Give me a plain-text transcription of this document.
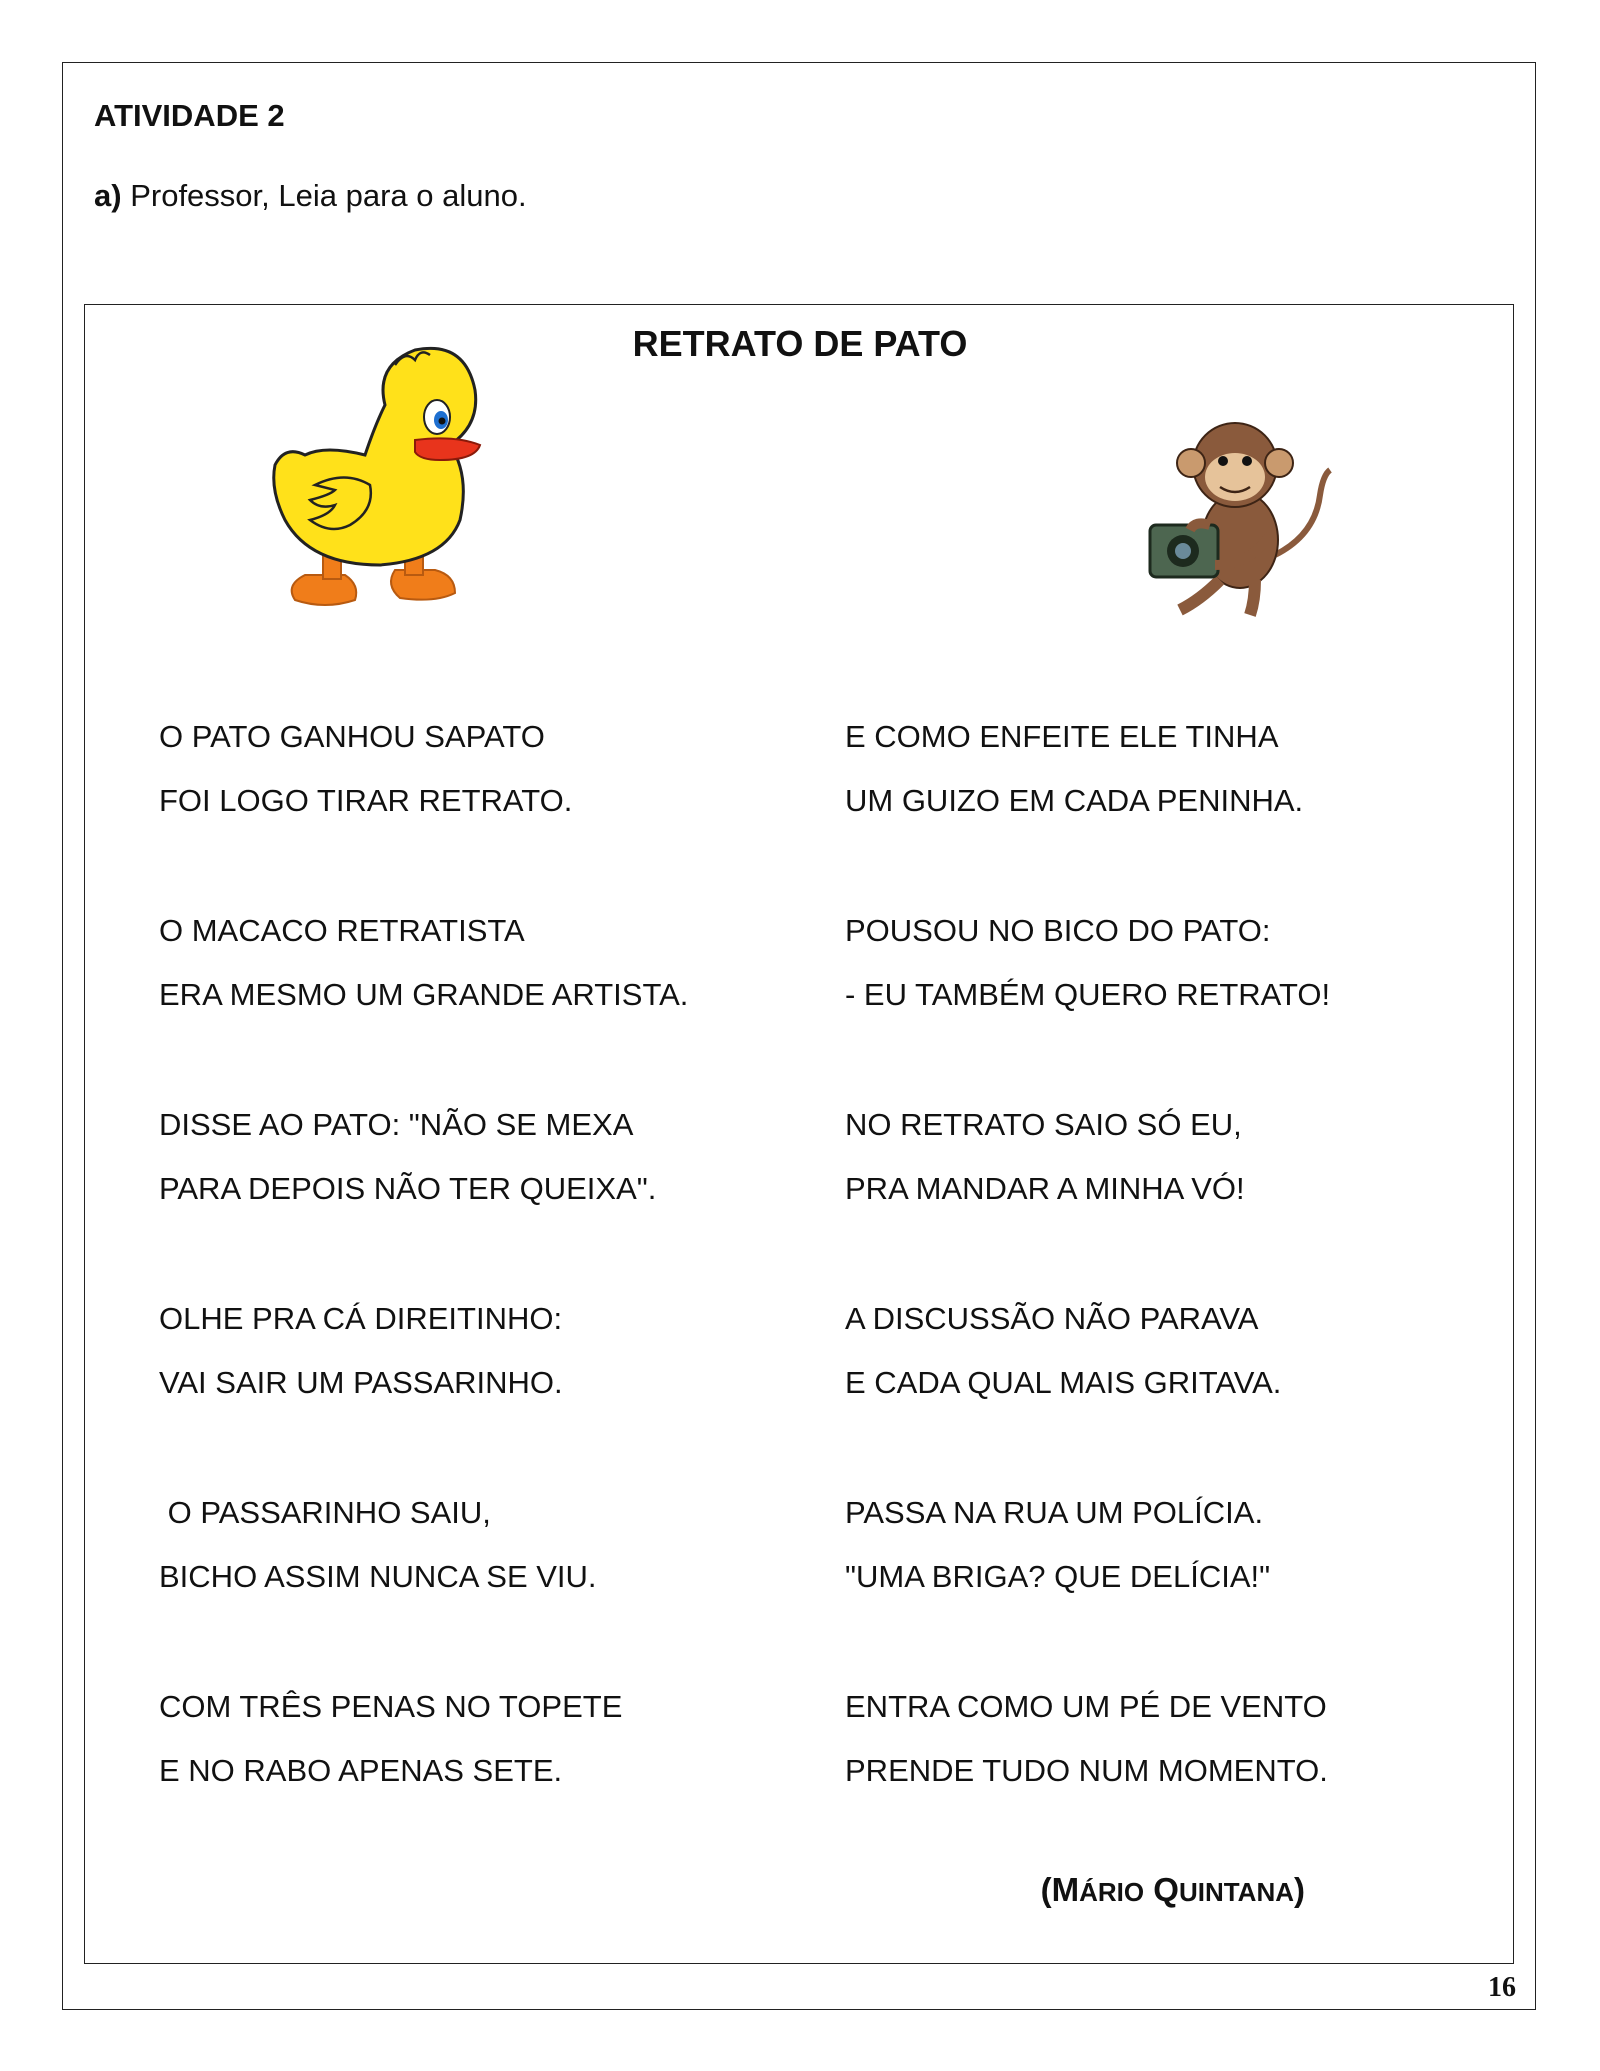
ATIVIDADE 2
a) Professor, Leia para o aluno.
RETRATO DE PATO
O PATO GANHOU SAPATO
FOI LOGO TIRAR RETRATO.
O MACACO RETRATISTA
ERA MESMO UM GRANDE ARTISTA.
DISSE AO PATO: "NÃO SE MEXA
PARA DEPOIS NÃO TER QUEIXA".
OLHE PRA CÁ DIREITINHO:
VAI SAIR UM PASSARINHO.
O PASSARINHO SAIU,
BICHO ASSIM NUNCA SE VIU.
COM TRÊS PENAS NO TOPETE
E NO RABO APENAS SETE.
E COMO ENFEITE ELE TINHA
UM GUIZO EM CADA PENINHA.
POUSOU NO BICO DO PATO:
- EU TAMBÉM QUERO RETRATO!
NO RETRATO SAIO SÓ EU,
PRA MANDAR A MINHA VÓ!
A DISCUSSÃO NÃO PARAVA
E CADA QUAL MAIS GRITAVA.
PASSA NA RUA UM POLÍCIA.
"UMA BRIGA? QUE DELÍCIA!"
ENTRA COMO UM PÉ DE VENTO
PRENDE TUDO NUM MOMENTO.
(MÁRIO QUINTANA)
16
